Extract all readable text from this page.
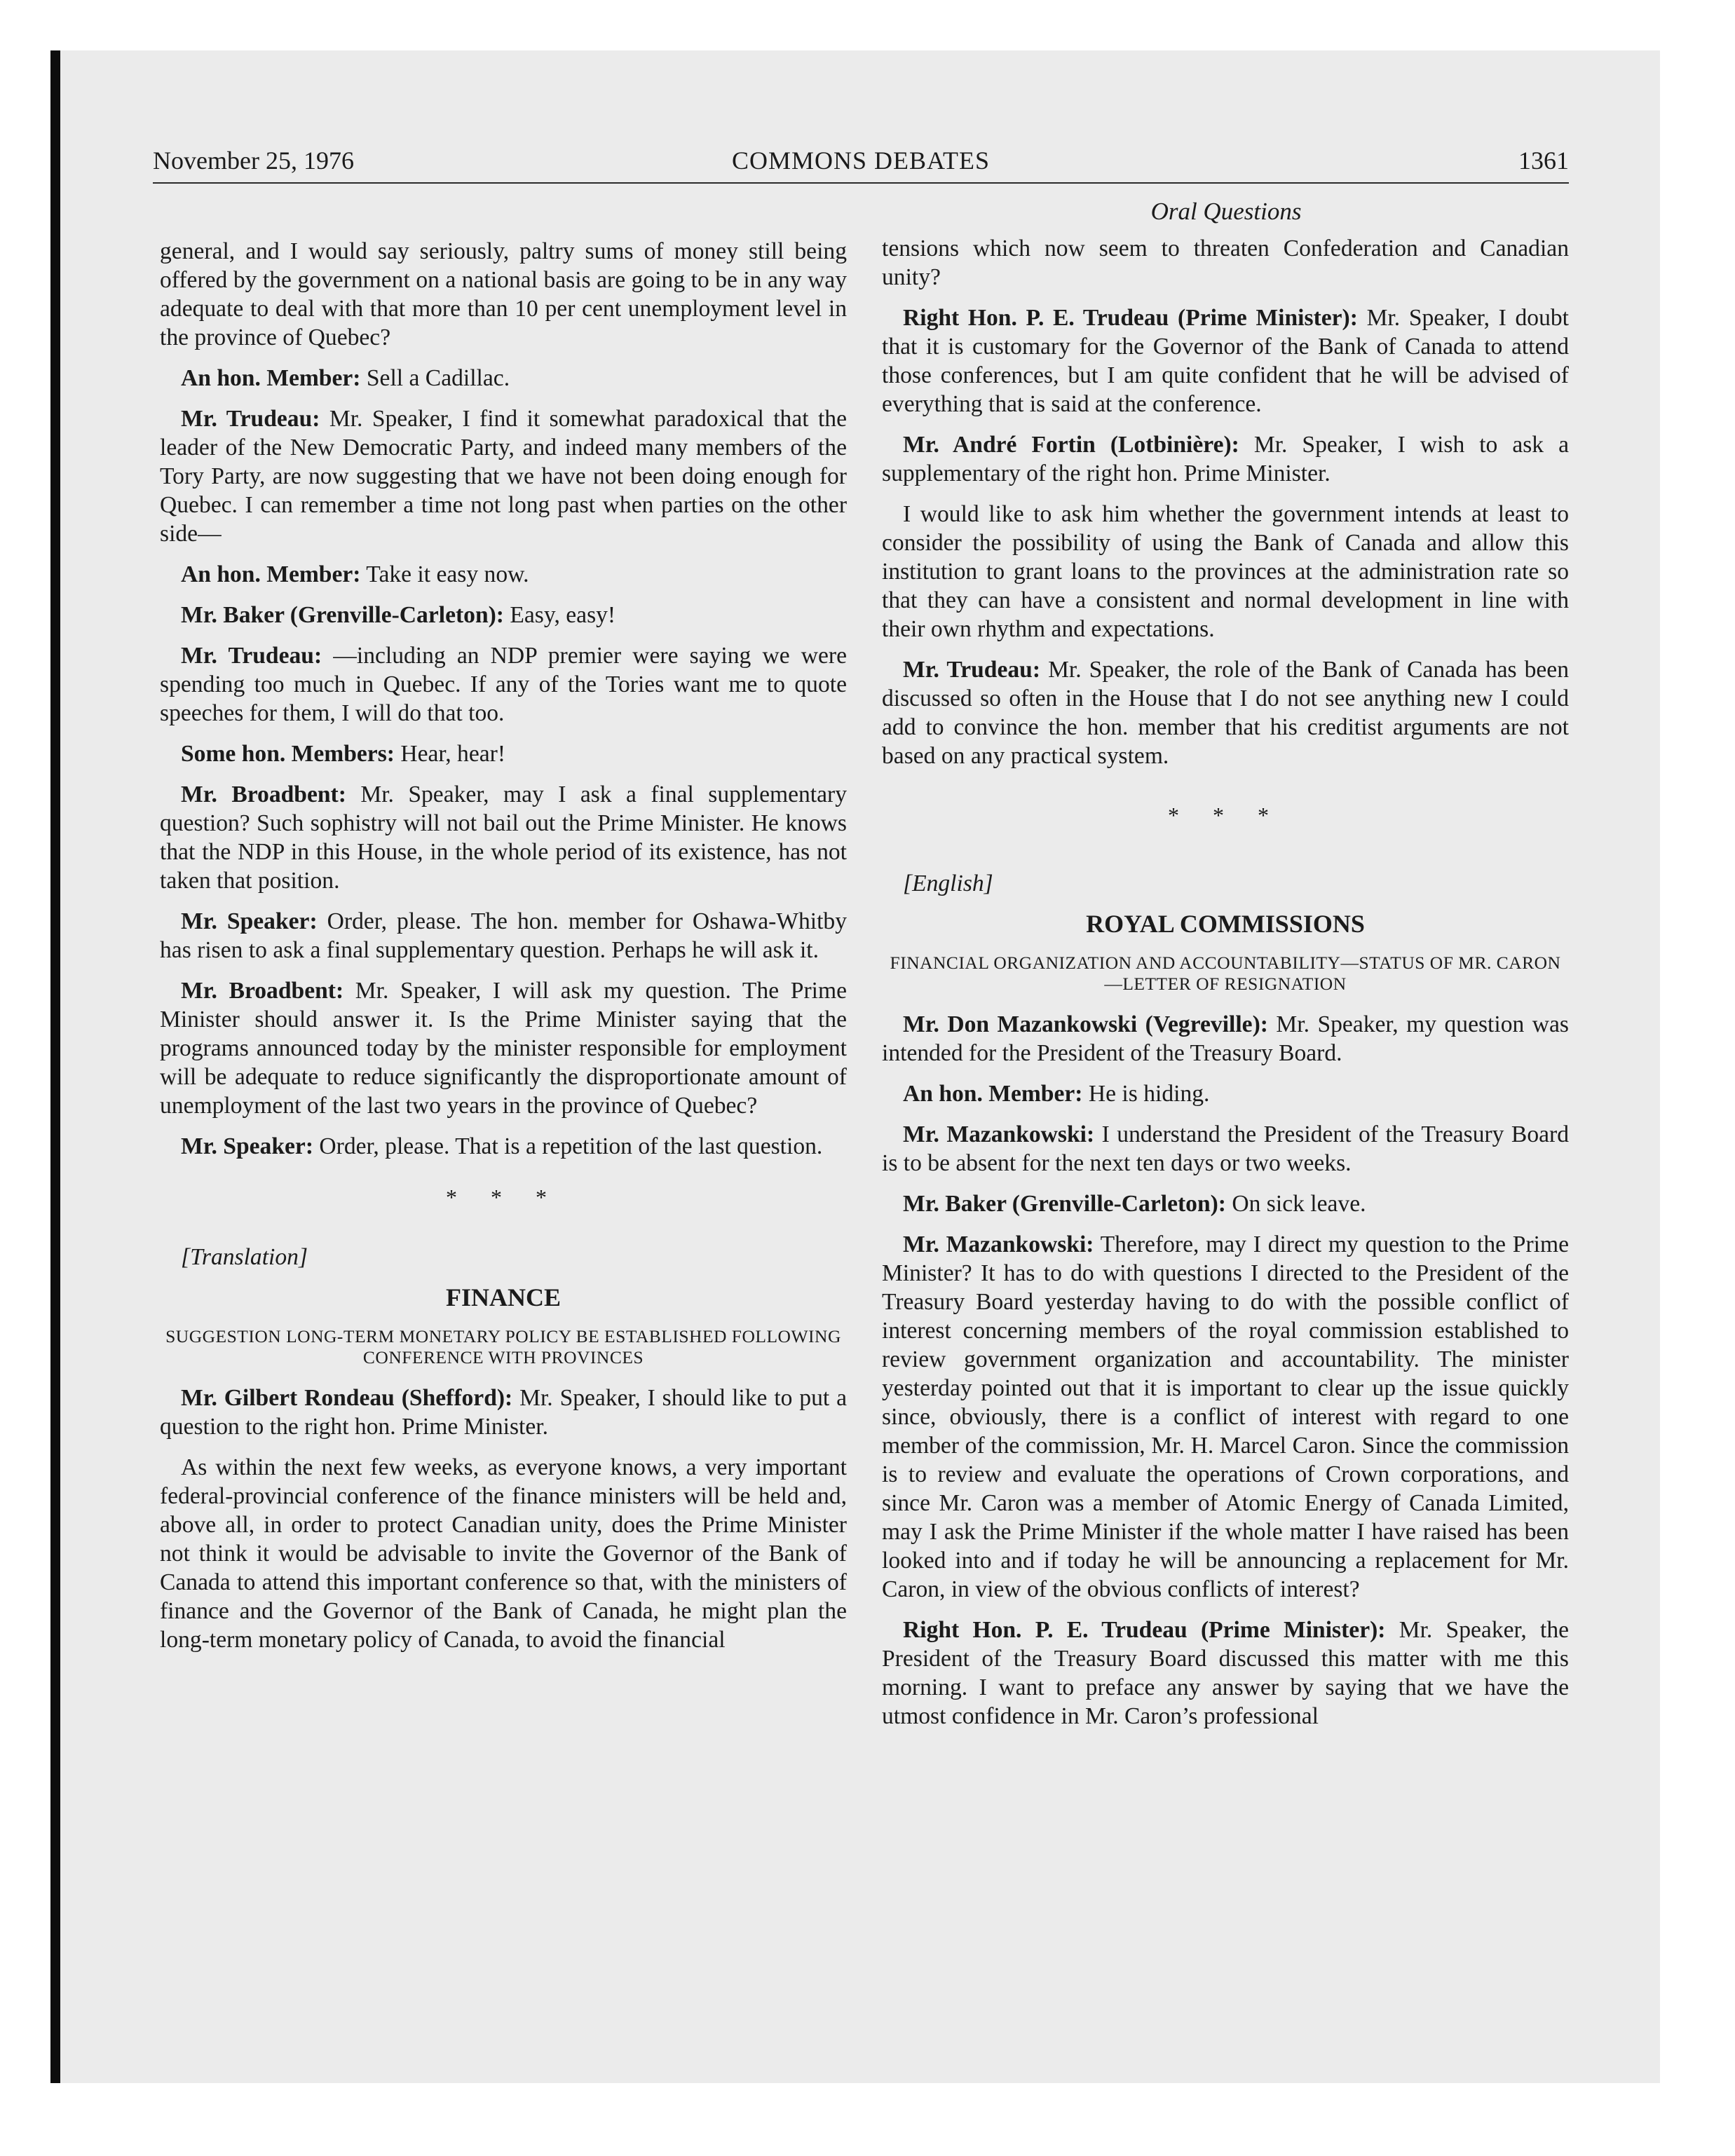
November 25, 1976	COMMONS DEBATES	1361
Oral Questions

general, and I would say seriously, paltry sums of money still being offered by the government on a national basis are going to be in any way adequate to deal with that more than 10 per cent unemployment level in the province of Quebec?

An hon. Member: Sell a Cadillac.

Mr. Trudeau: Mr. Speaker, I find it somewhat paradoxical that the leader of the New Democratic Party, and indeed many members of the Tory Party, are now suggesting that we have not been doing enough for Quebec. I can remember a time not long past when parties on the other side—

An hon. Member: Take it easy now.

Mr. Baker (Grenville-Carleton): Easy, easy!

Mr. Trudeau: —including an NDP premier were saying we were spending too much in Quebec. If any of the Tories want me to quote speeches for them, I will do that too.

Some hon. Members: Hear, hear!

Mr. Broadbent: Mr. Speaker, may I ask a final supplementary question? Such sophistry will not bail out the Prime Minister. He knows that the NDP in this House, in the whole period of its existence, has not taken that position.

Mr. Speaker: Order, please. The hon. member for Oshawa-Whitby has risen to ask a final supplementary question. Perhaps he will ask it.

Mr. Broadbent: Mr. Speaker, I will ask my question. The Prime Minister should answer it. Is the Prime Minister saying that the programs announced today by the minister responsible for employment will be adequate to reduce significantly the disproportionate amount of unemployment of the last two years in the province of Quebec?

Mr. Speaker: Order, please. That is a repetition of the last question.

* * *

[Translation]

FINANCE
SUGGESTION LONG-TERM MONETARY POLICY BE ESTABLISHED FOLLOWING CONFERENCE WITH PROVINCES

Mr. Gilbert Rondeau (Shefford): Mr. Speaker, I should like to put a question to the right hon. Prime Minister.

As within the next few weeks, as everyone knows, a very important federal-provincial conference of the finance ministers will be held and, above all, in order to protect Canadian unity, does the Prime Minister not think it would be advisable to invite the Governor of the Bank of Canada to attend this important conference so that, with the ministers of finance and the Governor of the Bank of Canada, he might plan the long-term monetary policy of Canada, to avoid the financial

tensions which now seem to threaten Confederation and Canadian unity?

Right Hon. P. E. Trudeau (Prime Minister): Mr. Speaker, I doubt that it is customary for the Governor of the Bank of Canada to attend those conferences, but I am quite confident that he will be advised of everything that is said at the conference.

Mr. André Fortin (Lotbinière): Mr. Speaker, I wish to ask a supplementary of the right hon. Prime Minister.

I would like to ask him whether the government intends at least to consider the possibility of using the Bank of Canada and allow this institution to grant loans to the provinces at the administration rate so that they can have a consistent and normal development in line with their own rhythm and expectations.

Mr. Trudeau: Mr. Speaker, the role of the Bank of Canada has been discussed so often in the House that I do not see anything new I could add to convince the hon. member that his creditist arguments are not based on any practical system.

* * *

[English]

ROYAL COMMISSIONS
FINANCIAL ORGANIZATION AND ACCOUNTABILITY—STATUS OF MR. CARON—LETTER OF RESIGNATION

Mr. Don Mazankowski (Vegreville): Mr. Speaker, my question was intended for the President of the Treasury Board.

An hon. Member: He is hiding.

Mr. Mazankowski: I understand the President of the Treasury Board is to be absent for the next ten days or two weeks.

Mr. Baker (Grenville-Carleton): On sick leave.

Mr. Mazankowski: Therefore, may I direct my question to the Prime Minister? It has to do with questions I directed to the President of the Treasury Board yesterday having to do with the possible conflict of interest concerning members of the royal commission established to review government organization and accountability. The minister yesterday pointed out that it is important to clear up the issue quickly since, obviously, there is a conflict of interest with regard to one member of the commission, Mr. H. Marcel Caron. Since the commission is to review and evaluate the operations of Crown corporations, and since Mr. Caron was a member of Atomic Energy of Canada Limited, may I ask the Prime Minister if the whole matter I have raised has been looked into and if today he will be announcing a replacement for Mr. Caron, in view of the obvious conflicts of interest?

Right Hon. P. E. Trudeau (Prime Minister): Mr. Speaker, the President of the Treasury Board discussed this matter with me this morning. I want to preface any answer by saying that we have the utmost confidence in Mr. Caron’s professional
